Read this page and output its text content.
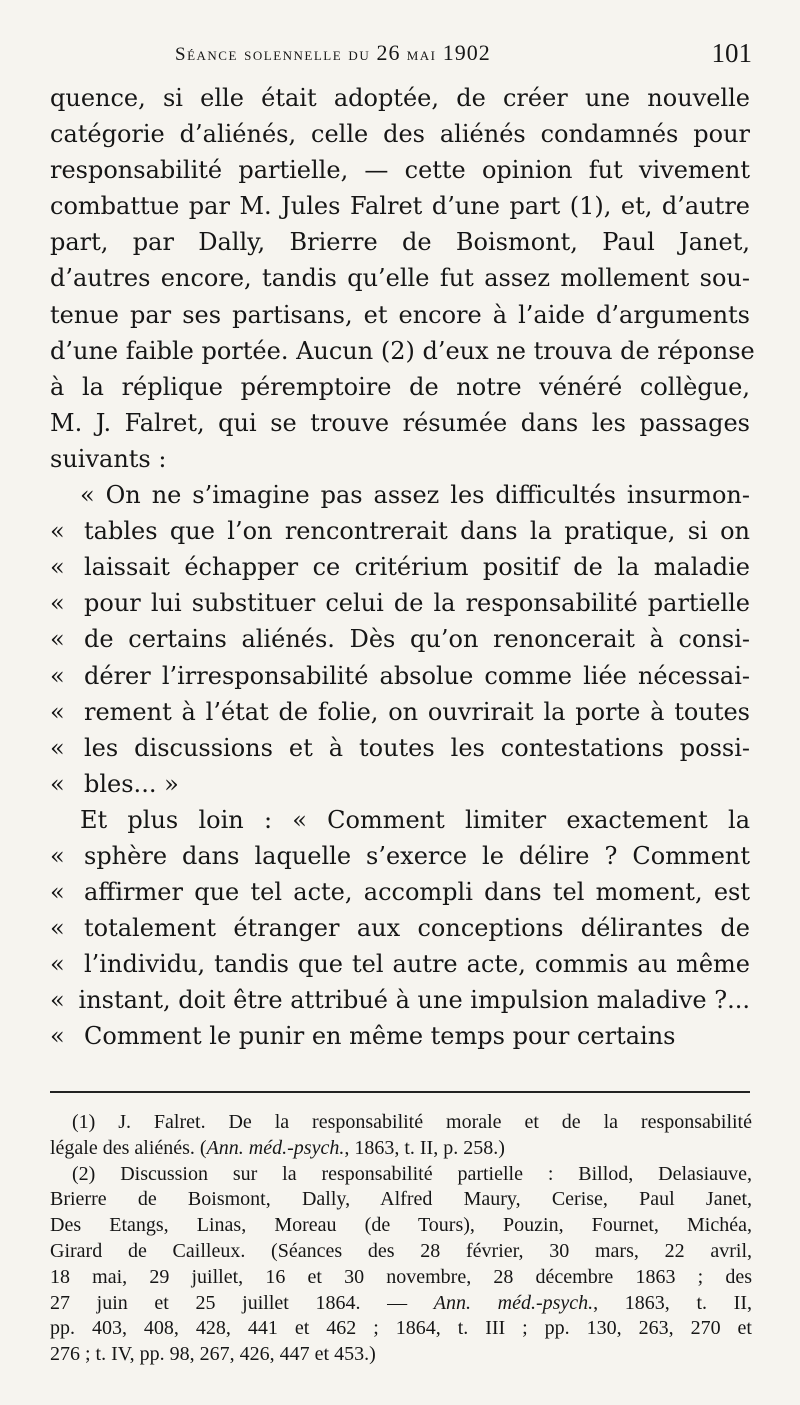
Séance solennelle du 26 mai 1902	101
quence, si elle était adoptée, de créer une nouvelle
catégorie d’aliénés, celle des aliénés condamnés pour
responsabilité partielle, — cette opinion fut vivement
combattue par M. Jules Falret d’une part (1), et, d’autre
part, par Dally, Brierre de Boismont, Paul Janet,
d’autres encore, tandis qu’elle fut assez mollement sou-
tenue par ses partisans, et encore à l’aide d’arguments
d’une faible portée. Aucun (2) d’eux ne trouva de réponse
à la réplique péremptoire de notre vénéré collègue,
M. J. Falret, qui se trouve résumée dans les passages
suivants :
« On ne s’imagine pas assez les difficultés insurmon-
« tables que l’on rencontrerait dans la pratique, si on
« laissait échapper ce critérium positif de la maladie
« pour lui substituer celui de la responsabilité partielle
« de certains aliénés. Dès qu’on renoncerait à consi-
« dérer l’irresponsabilité absolue comme liée nécessai-
« rement à l’état de folie, on ouvrirait la porte à toutes
« les discussions et à toutes les contestations possi-
« bles... »
Et plus loin : « Comment limiter exactement la
« sphère dans laquelle s’exerce le délire ? Comment
« affirmer que tel acte, accompli dans tel moment, est
« totalement étranger aux conceptions délirantes de
« l’individu, tandis que tel autre acte, commis au même
« instant, doit être attribué à une impulsion maladive ?...
« Comment le punir en même temps pour certains
(1) J. Falret. De la responsabilité morale et de la responsabilité
légale des aliénés. (Ann. méd.-psych., 1863, t. II, p. 258.)
(2) Discussion sur la responsabilité partielle : Billod, Delasiauve,
Brierre de Boismont, Dally, Alfred Maury, Cerise, Paul Janet,
Des Etangs, Linas, Moreau (de Tours), Pouzin, Fournet, Michéa,
Girard de Cailleux. (Séances des 28 février, 30 mars, 22 avril,
18 mai, 29 juillet, 16 et 30 novembre, 28 décembre 1863 ; des
27 juin et 25 juillet 1864. — Ann. méd.-psych., 1863, t. II,
pp. 403, 408, 428, 441 et 462 ; 1864, t. III ; pp. 130, 263, 270 et
276 ; t. IV, pp. 98, 267, 426, 447 et 453.)
